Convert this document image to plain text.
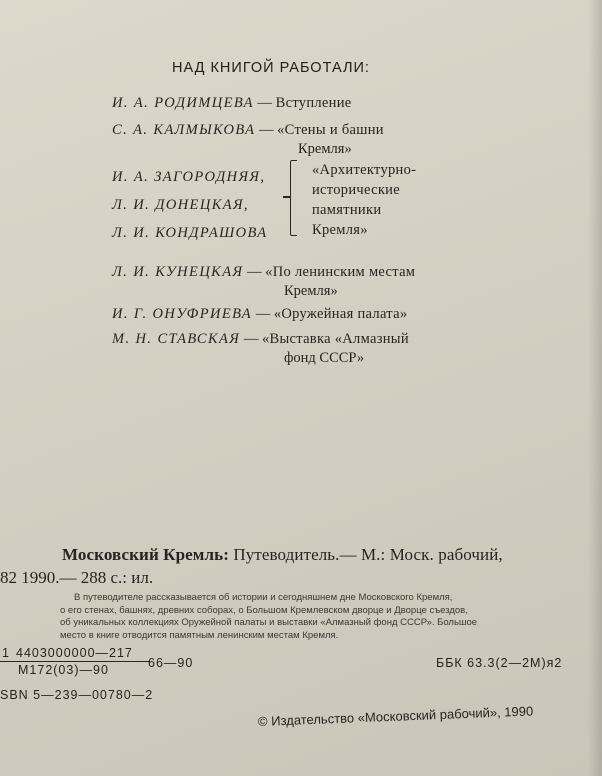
НАД КНИГОЙ РАБОТАЛИ:
И. А. РОДИМЦЕВА — Вступление
С. А. КАЛМЫКОВА — «Стены и башни
Кремля»
И. А. ЗАГОРОДНЯЯ,
Л. И. ДОНЕЦКАЯ,
Л. И. КОНДРАШОВА
«Архитектурно-
исторические
памятники
Кремля»
Л. И. КУНЕЦКАЯ — «По ленинским местам
Кремля»
И. Г. ОНУФРИЕВА — «Оружейная палата»
М. Н. СТАВСКАЯ — «Выставка «Алмазный
фонд СССР»
Московский Кремль: Путеводитель.— М.: Моск. рабочий,
82 1990.— 288 с.: ил.
В путеводителе рассказывается об истории и сегодняшнем дне Московского Кремля,
о его стенах, башнях, древних соборах, о Большом Кремлевском дворце и Дворце съездов,
об уникальных коллекциях Оружейной палаты и выставки «Алмазный фонд СССР». Большое
место в книге отводится памятным ленинским местам Кремля.
1 4403000000—217
М172(03)—90	66—90	ББК 63.3(2—2М)я2
SBN 5—239—00780—2
© Издательство «Московский рабочий», 1990
